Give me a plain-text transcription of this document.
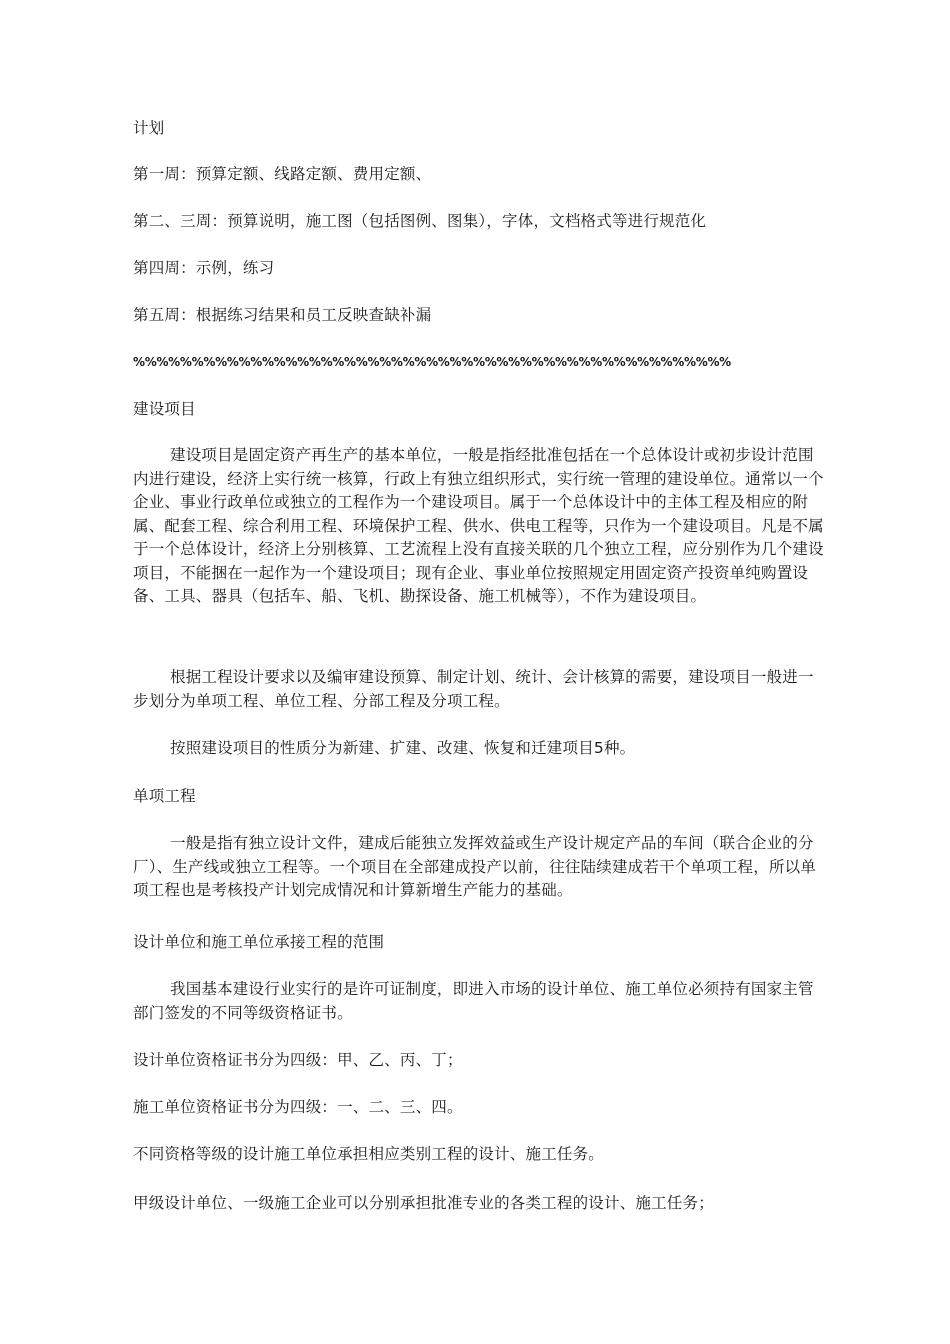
计划

第一周：预算定额、线路定额、费用定额、

第二、三周：预算说明，施工图（包括图例、图集），字体，文档格式等进行规范化

第四周：示例，练习

第五周：根据练习结果和员工反映查缺补漏

%%%%%%%%%%%%%%%%%%%%%%%%%%%%%%%%%%%%%%%%%%%%%%%%%%%

建设项目

建设项目是固定资产再生产的基本单位，一般是指经批准包括在一个总体设计或初步设计范围内进行建设，经济上实行统一核算，行政上有独立组织形式，实行统一管理的建设单位。通常以一个企业、事业行政单位或独立的工程作为一个建设项目。属于一个总体设计中的主体工程及相应的附属、配套工程、综合利用工程、环境保护工程、供水、供电工程等，只作为一个建设项目。凡是不属于一个总体设计，经济上分别核算、工艺流程上没有直接关联的几个独立工程，应分别作为几个建设项目，不能捆在一起作为一个建设项目；现有企业、事业单位按照规定用固定资产投资单纯购置设备、工具、器具（包括车、船、飞机、勘探设备、施工机械等），不作为建设项目。

根据工程设计要求以及编审建设预算、制定计划、统计、会计核算的需要，建设项目一般进一步划分为单项工程、单位工程、分部工程及分项工程。

按照建设项目的性质分为新建、扩建、改建、恢复和迁建项目5种。

单项工程

一般是指有独立设计文件，建成后能独立发挥效益或生产设计规定产品的车间（联合企业的分厂）、生产线或独立工程等。一个项目在全部建成投产以前，往往陆续建成若干个单项工程，所以单项工程也是考核投产计划完成情况和计算新增生产能力的基础。

设计单位和施工单位承接工程的范围

我国基本建设行业实行的是许可证制度，即进入市场的设计单位、施工单位必须持有国家主管部门签发的不同等级资格证书。

设计单位资格证书分为四级：甲、乙、丙、丁；

施工单位资格证书分为四级：一、二、三、四。

不同资格等级的设计施工单位承担相应类别工程的设计、施工任务。

甲级设计单位、一级施工企业可以分别承担批准专业的各类工程的设计、施工任务；
